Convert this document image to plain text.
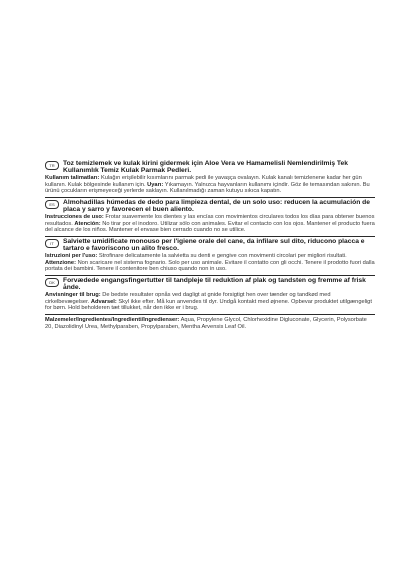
TR	Toz temizlemek ve kulak kirini gidermek için Aloe Vera ve Hamamelisli Nemlendirilmiş Tek Kullanımlık Temiz Kulak Parmak Pedleri.
Kullanım talimatları: Kulağın erişilebilir kısımlarını parmak pedi ile yavaşça ovalayın. Kulak kanalı temizlenene kadar her gün kullanın. Kulak bölgesinde kullanım için. Uyarı: Yıkamayın. Yalnızca hayvanların kullanımı içindir. Göz ile temasından sakının. Bu ürünü çocukların erişmeyeceği yerlerde saklayın. Kullanılmadığı zaman kutuyu sıkıca kapatın.
ES	Almohadillas húmedas de dedo para limpieza dental, de un solo uso: reducen la acumulación de placa y sarro y favorecen el buen aliento.
Instrucciones de uso: Frotar suavemente los dientes y las encías con movimientos circulares todos los días para obtener buenos resultados. Atención: No tirar por el inodoro. Utilizar sólo con animales. Evitar el contacto con los ojos. Mantener el producto fuera del alcance de los niños. Mantener el envase bien cerrado cuando no se utilice.
IT	Salviette umidificate monouso per l'igiene orale del cane, da infilare sul dito, riducono placca e tartaro e favoriscono un alito fresco.
Istruzioni per l'uso: Strofinare delicatamente la salvietta su denti e gengive con movimenti circolari per migliori risultati. Attenzione: Non scaricare nel sistema fognario. Solo per uso animale. Evitare il contatto con gli occhi. Tenere il prodotto fuori dalla portata dei bambini. Tenere il contenitore ben chiuso quando non in uso.
DK	Forvædede engangsfingertutter til tandpleje til reduktion af plak og tandsten og fremme af frisk ånde.
Anvisninger til brug: De bedste resultater opnås ved dagligt at gnide forsigtigt hen over tænder og tandkød med cirkelbevægelser. Advarsel: Skyl ikke efter. Må kun anvendes til dyr. Undgå kontakt med øjnene. Opbevar produktet utilgængeligt for børn. Hold beholderen tæt tillukket, når den ikke er i brug.
Malzemeler/Ingredientes/Ingredienti/Ingredienser: Aqua, Propylene Glycol, Chlorhexidine Digluconate, Glycerin, Polysorbate 20, Diazolidinyl Urea, Methylparaben, Propylparaben, Mentha Arvensis Leaf Oil.
